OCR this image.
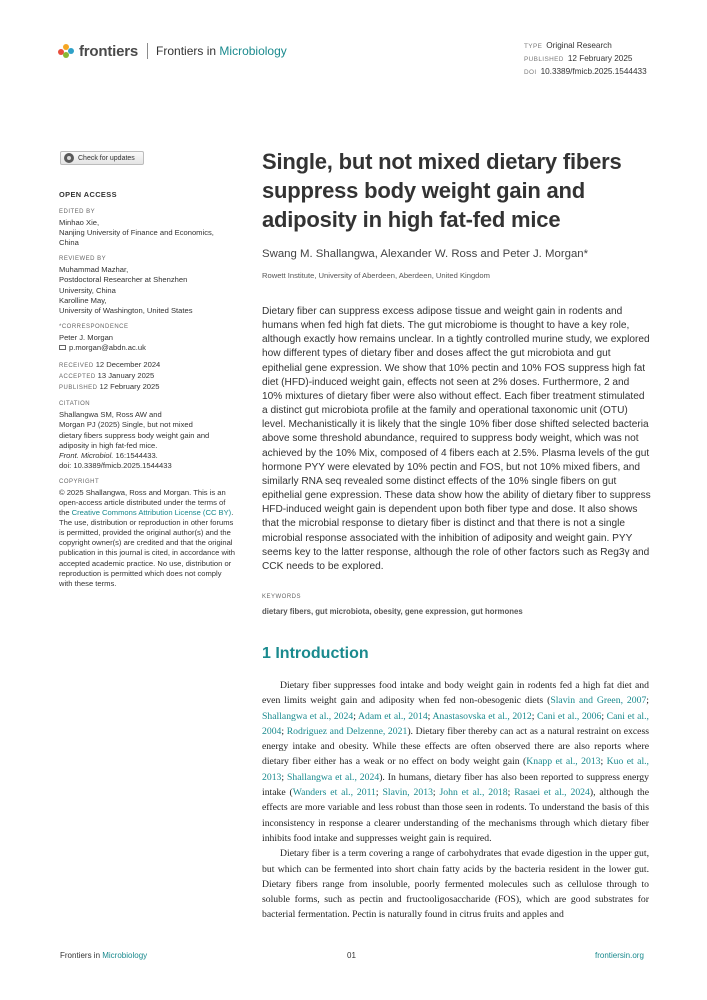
frontiers Frontiers in Microbiology	TYPE Original Research
PUBLISHED 12 February 2025
DOI 10.3389/fmicb.2025.1544433
Check for updates
OPEN ACCESS
EDITED BY
Minhao Xie,
Nanjing University of Finance and Economics,
China
REVIEWED BY
Muhammad Mazhar,
Postdoctoral Researcher at Shenzhen
University, China
Karolline May,
University of Washington, United States
*CORRESPONDENCE
Peter J. Morgan
p.morgan@abdn.ac.uk
RECEIVED 12 December 2024
ACCEPTED 13 January 2025
PUBLISHED 12 February 2025
CITATION
Shallangwa SM, Ross AW and
Morgan PJ (2025) Single, but not mixed
dietary fibers suppress body weight gain and
adiposity in high fat-fed mice.
Front. Microbiol. 16:1544433.
doi: 10.3389/fmicb.2025.1544433
COPYRIGHT
© 2025 Shallangwa, Ross and Morgan. This is an open-access article distributed under the terms of the Creative Commons Attribution License (CC BY). The use, distribution or reproduction in other forums is permitted, provided the original author(s) and the copyright owner(s) are credited and that the original publication in this journal is cited, in accordance with accepted academic practice. No use, distribution or reproduction is permitted which does not comply with these terms.
Single, but not mixed dietary fibers suppress body weight gain and adiposity in high fat-fed mice
Swang M. Shallangwa, Alexander W. Ross and Peter J. Morgan*
Rowett Institute, University of Aberdeen, Aberdeen, United Kingdom
Dietary fiber can suppress excess adipose tissue and weight gain in rodents and humans when fed high fat diets. The gut microbiome is thought to have a key role, although exactly how remains unclear. In a tightly controlled murine study, we explored how different types of dietary fiber and doses affect the gut microbiota and gut epithelial gene expression. We show that 10% pectin and 10% FOS suppress high fat diet (HFD)-induced weight gain, effects not seen at 2% doses. Furthermore, 2 and 10% mixtures of dietary fiber were also without effect. Each fiber treatment stimulated a distinct gut microbiota profile at the family and operational taxonomic unit (OTU) level. Mechanistically it is likely that the single 10% fiber dose shifted selected bacteria above some threshold abundance, required to suppress body weight, which was not achieved by the 10% Mix, composed of 4 fibers each at 2.5%. Plasma levels of the gut hormone PYY were elevated by 10% pectin and FOS, but not 10% mixed fibers, and similarly RNA seq revealed some distinct effects of the 10% single fibers on gut epithelial gene expression. These data show how the ability of dietary fiber to suppress HFD-induced weight gain is dependent upon both fiber type and dose. It also shows that the microbial response to dietary fiber is distinct and that there is not a single microbial response associated with the inhibition of adiposity and weight gain. PYY seems key to the latter response, although the role of other factors such as Reg3γ and CCK needs to be explored.
KEYWORDS
dietary fibers, gut microbiota, obesity, gene expression, gut hormones
1 Introduction

Dietary fiber suppresses food intake and body weight gain in rodents fed a high fat diet and even limits weight gain and adiposity when fed non-obesogenic diets (Slavin and Green, 2007; Shallangwa et al., 2024; Adam et al., 2014; Anastasovska et al., 2012; Cani et al., 2006; Cani et al., 2004; Rodriguez and Delzenne, 2021). Dietary fiber thereby can act as a natural restraint on excess energy intake and obesity. While these effects are often observed there are also reports where dietary fiber either has a weak or no effect on body weight gain (Knapp et al., 2013; Kuo et al., 2013; Shallangwa et al., 2024). In humans, dietary fiber has also been reported to suppress energy intake (Wanders et al., 2011; Slavin, 2013; John et al., 2018; Rasaei et al., 2024), although the effects are more variable and less robust than those seen in rodents. To understand the basis of this inconsistency in response a clearer understanding of the mechanisms through which dietary fiber inhibits food intake and suppresses weight gain is required.

Dietary fiber is a term covering a range of carbohydrates that evade digestion in the upper gut, but which can be fermented into short chain fatty acids by the bacteria resident in the lower gut. Dietary fibers range from insoluble, poorly fermented molecules such as cellulose through to soluble forms, such as pectin and fructooligosaccharide (FOS), which are good substrates for bacterial fermentation. Pectin is naturally found in citrus fruits and apples and

Frontiers in Microbiology	01	frontiersin.org
